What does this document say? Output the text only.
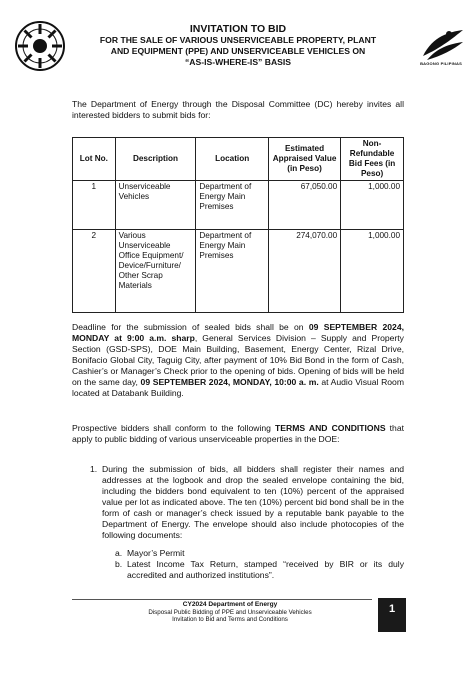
BAGONG PILIPINAS
INVITATION TO BID
FOR THE SALE OF VARIOUS UNSERVICEABLE PROPERTY, PLANT
AND EQUIPMENT (PPE) AND UNSERVICEABLE VEHICLES ON
“AS-IS-WHERE-IS” BASIS
The Department of Energy through the Disposal Committee (DC) hereby invites all interested bidders to submit bids for:
Lot No.	Description	Location	Estimated Appraised Value (in Peso)	Non-Refundable Bid Fees (in Peso)
1	Unserviceable Vehicles	Department of Energy Main Premises	67,050.00	1,000.00
2	Various Unserviceable Office Equipment/ Device/Furniture/ Other Scrap Materials	Department of Energy Main Premises	274,070.00	1,000.00
Deadline for the submission of sealed bids shall be on 09 SEPTEMBER 2024, MONDAY at 9:00 a.m. sharp, General Services Division – Supply and Property Section (GSD-SPS), DOE Main Building, Basement, Energy Center, Rizal Drive, Bonifacio Global City, Taguig City, after payment of 10% Bid Bond in the form of Cash, Cashier’s or Manager’s Check prior to the opening of bids. Opening of bids will be held on the same day, 09 SEPTEMBER 2024, MONDAY, 10:00 a. m. at Audio Visual Room located at Databank Building.
Prospective bidders shall conform to the following TERMS AND CONDITIONS that apply to public bidding of various unserviceable properties in the DOE:
1. During the submission of bids, all bidders shall register their names and addresses at the logbook and drop the sealed envelope containing the bid, including the bidders bond equivalent to ten (10%) percent of the appraised value per lot as indicated above. The ten (10%) percent bid bond shall be in the form of cash or manager’s check issued by a reputable bank payable to the Department of Energy. The envelope should also include photocopies of the following documents:
a. Mayor’s Permit
b. Latest Income Tax Return, stamped “received by BIR or its duly accredited and authorized institutions”.
CY2024 Department of Energy
Disposal Public Bidding of PPE and Unserviceable Vehicles
Invitation to Bid and Terms and Conditions
1
